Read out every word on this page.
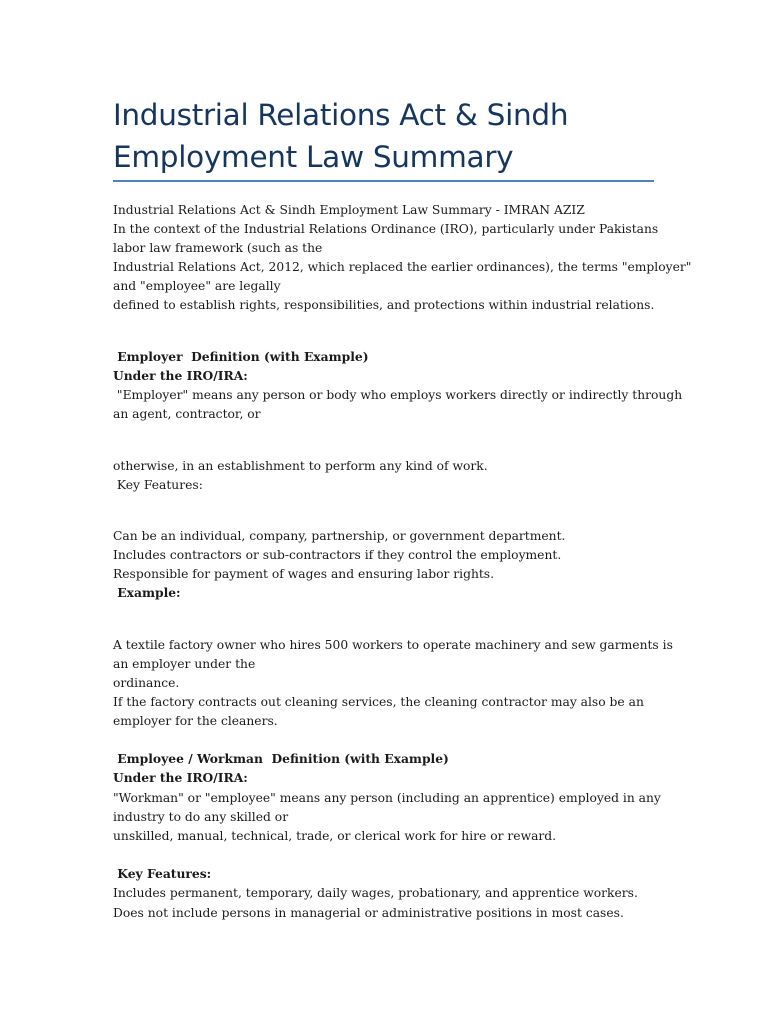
Industrial Relations Act & Sindh
Employment Law Summary

Industrial Relations Act & Sindh Employment Law Summary - IMRAN AZIZ

In the context of the Industrial Relations Ordinance (IRO), particularly under Pakistans

labor law framework (such as the

Industrial Relations Act, 2012, which replaced the earlier ordinances), the terms "employer"

and "employee" are legally

defined to establish rights, responsibilities, and protections within industrial relations.

Employer  Definition (with Example)

Under the IRO/IRA:

"Employer" means any person or body who employs workers directly or indirectly through

an agent, contractor, or

otherwise, in an establishment to perform any kind of work.

Key Features:

Can be an individual, company, partnership, or government department.

Includes contractors or sub-contractors if they control the employment.

Responsible for payment of wages and ensuring labor rights.

Example:

A textile factory owner who hires 500 workers to operate machinery and sew garments is

an employer under the

ordinance.

If the factory contracts out cleaning services, the cleaning contractor may also be an

employer for the cleaners.

Employee / Workman  Definition (with Example)

Under the IRO/IRA:

"Workman" or "employee" means any person (including an apprentice) employed in any

industry to do any skilled or

unskilled, manual, technical, trade, or clerical work for hire or reward.

Key Features:

Includes permanent, temporary, daily wages, probationary, and apprentice workers.

Does not include persons in managerial or administrative positions in most cases.
